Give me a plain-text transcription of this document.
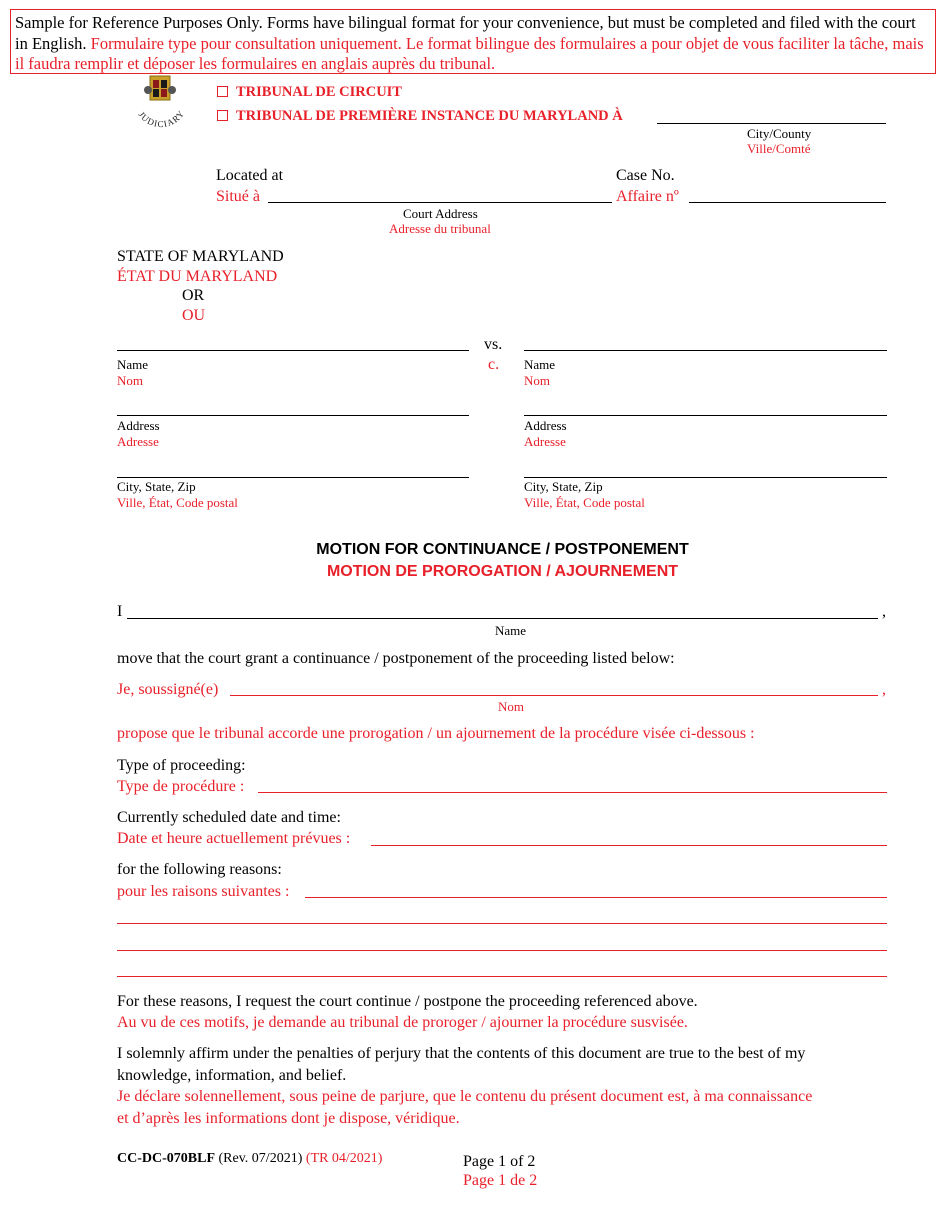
Sample for Reference Purposes Only. Forms have bilingual format for your convenience, but must be completed and filed with the court in English. Formulaire type pour consultation uniquement. Le format bilingue des formulaires a pour objet de vous faciliter la tâche, mais il faudra remplir et déposer les formulaires en anglais auprès du tribunal.

JUDICIARY
TRIBUNAL DE CIRCUIT
TRIBUNAL DE PREMIÈRE INSTANCE DU MARYLAND À
City/County
Ville/Comté
Located at
Situé à
Court Address
Adresse du tribunal
Case No.
Affaire nº
STATE OF MARYLAND
ÉTAT DU MARYLAND
OR
OU
vs.
c.
Name
Nom
Address
Adresse
City, State, Zip
Ville, État, Code postal
Name
Nom
Address
Adresse
City, State, Zip
Ville, État, Code postal
MOTION FOR CONTINUANCE / POSTPONEMENT
MOTION DE PROROGATION / AJOURNEMENT
I	,
Name
move that the court grant a continuance / postponement of the proceeding listed below:
Je, soussigné(e)	,
Nom
propose que le tribunal accorde une prorogation / un ajournement de la procédure visée ci-dessous :
Type of proceeding:
Type de procédure :
Currently scheduled date and time:
Date et heure actuellement prévues :
for the following reasons:
pour les raisons suivantes :
For these reasons, I request the court continue / postpone the proceeding referenced above.
Au vu de ces motifs, je demande au tribunal de proroger / ajourner la procédure susvisée.
I solemnly affirm under the penalties of perjury that the contents of this document are true to the best of my
knowledge, information, and belief.
Je déclare solennellement, sous peine de parjure, que le contenu du présent document est, à ma connaissance
et d’après les informations dont je dispose, véridique.
CC-DC-070BLF (Rev. 07/2021) (TR 04/2021)	Page 1 of 2
Page 1 de 2
